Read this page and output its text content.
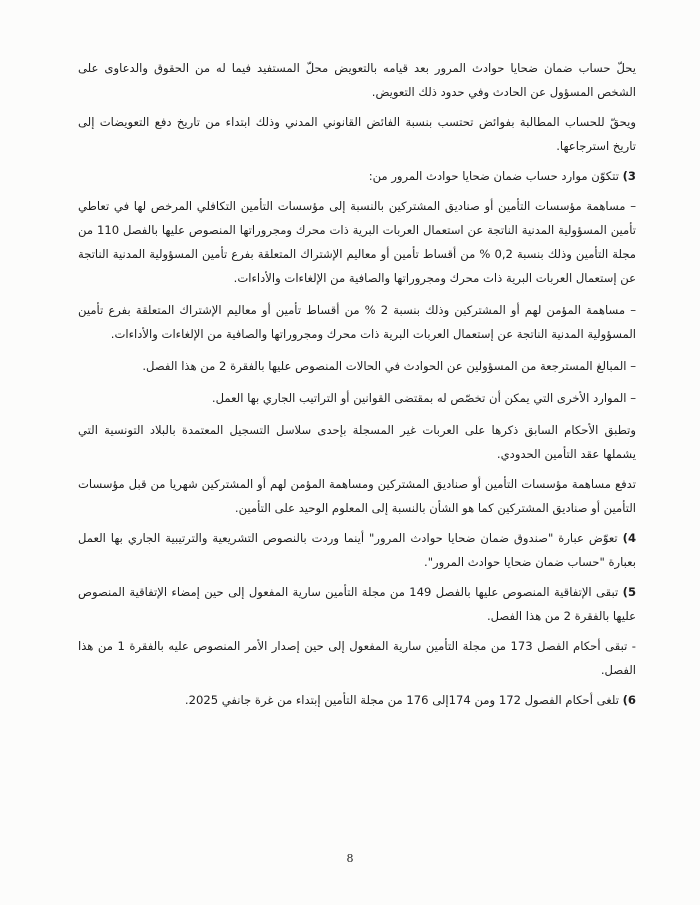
يحلّ حساب ضمان ضحايا حوادث المرور بعد قيامه بالتعويض محلّ المستفيد فيما له من الحقوق والدعاوى على الشخص المسؤول عن الحادث وفي حدود ذلك التعويض.

ويحقّ للحساب المطالبة بفوائض تحتسب بنسبة الفائض القانوني المدني وذلك ابتداء من تاريخ دفع التعويضات إلى تاريخ استرجاعها.

3) تتكوّن موارد حساب ضمان ضحايا حوادث المرور من:

– مساهمة مؤسسات التأمين أو صناديق المشتركين بالنسبة إلى مؤسسات التأمين التكافلي المرخص لها في تعاطي تأمين المسؤولية المدنية الناتجة عن استعمال العربات البرية ذات محرك ومجروراتها المنصوص عليها بالفصل 110 من مجلة التأمين وذلك بنسبة 0,2 % من أقساط تأمين أو معاليم الإشتراك المتعلقة بفرع تأمين المسؤولية المدنية الناتجة عن إستعمال العربات البرية ذات محرك ومجروراتها والصافية من الإلغاءات والأداءات.

– مساهمة المؤمن لهم أو المشتركين وذلك بنسبة 2 % من أقساط تأمين أو معاليم الإشتراك المتعلقة بفرع تأمين المسؤولية المدنية الناتجة عن إستعمال العربات البرية ذات محرك ومجروراتها والصافية من الإلغاءات والأداءات.

– المبالغ المسترجعة من المسؤولين عن الحوادث في الحالات المنصوص عليها بالفقرة 2 من هذا الفصل.

– الموارد الأخرى التي يمكن أن تخصّص له بمقتضى القوانين أو التراتيب الجاري بها العمل.

وتطبق الأحكام السابق ذكرها على العربات غير المسجلة بإحدى سلاسل التسجيل المعتمدة بالبلاد التونسية التي يشملها عقد التأمين الحدودي.

تدفع مساهمة مؤسسات التأمين أو صناديق المشتركين ومساهمة المؤمن لهم أو المشتركين شهريا من قبل مؤسسات التأمين أو صناديق المشتركين كما هو الشأن بالنسبة إلى المعلوم الوحيد على التأمين.

4) تعوّض عبارة "صندوق ضمان ضحايا حوادث المرور" أينما وردت بالنصوص التشريعية والترتيبية الجاري بها العمل بعبارة "حساب ضمان ضحايا حوادث المرور".

5) تبقى الإتفاقية المنصوص عليها بالفصل 149 من مجلة التأمين سارية المفعول إلى حين إمضاء الإتفاقية المنصوص عليها بالفقرة 2 من هذا الفصل.

- تبقى أحكام الفصل 173 من مجلة التأمين سارية المفعول إلى حين إصدار الأمر المنصوص عليه بالفقرة 1 من هذا الفصل.

6) تلغى أحكام الفصول 172 ومن 174إلى 176 من مجلة التأمين إبتداء من غرة جانفي 2025.

8
